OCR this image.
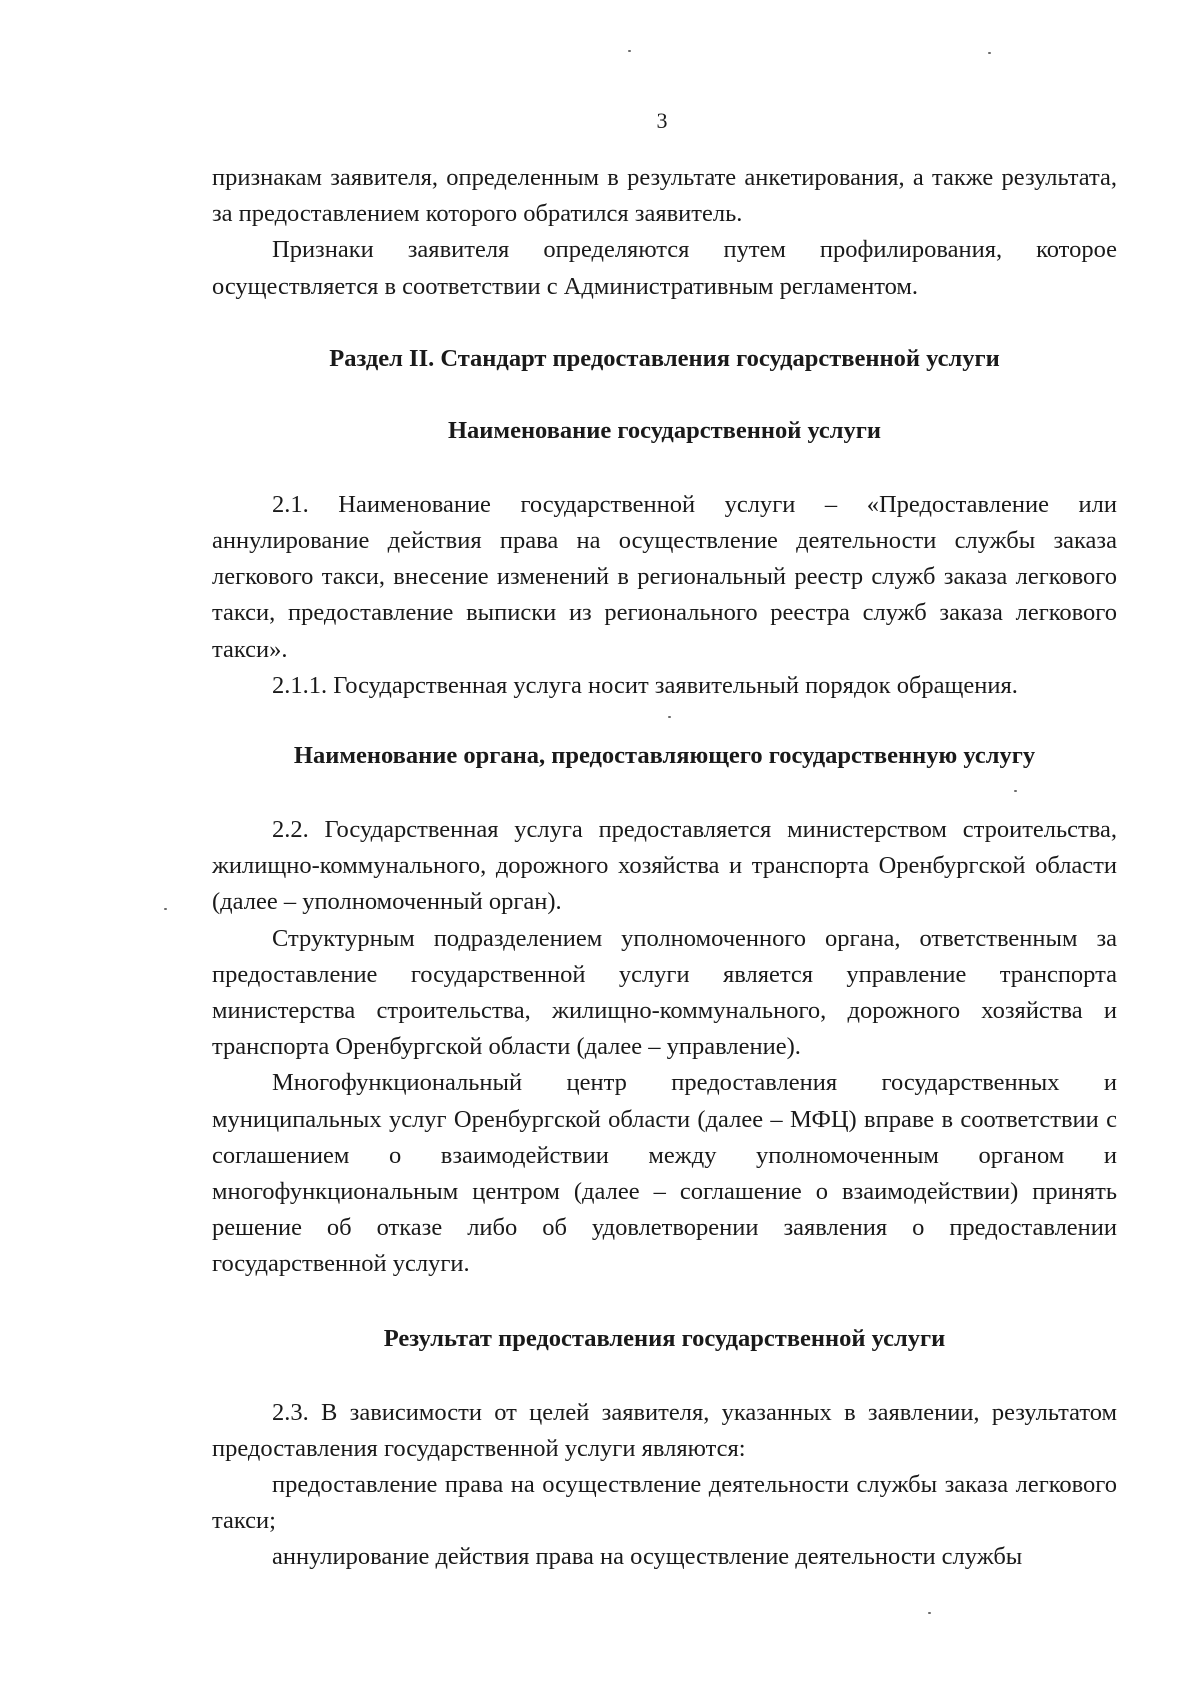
3

признакам заявителя, определенным в результате анкетирования, а также результата, за предоставлением которого обратился заявитель.

Признаки заявителя определяются путем профилирования, которое осуществляется в соответствии с Административным регламентом.

Раздел II. Стандарт предоставления государственной услуги
Наименование государственной услуги

2.1. Наименование государственной услуги – «Предоставление или аннулирование действия права на осуществление деятельности службы заказа легкового такси, внесение изменений в региональный реестр служб заказа легкового такси, предоставление выписки из регионального реестра служб заказа легкового такси».

2.1.1. Государственная услуга носит заявительный порядок обращения.

Наименование органа, предоставляющего государственную услугу

2.2. Государственная услуга предоставляется министерством строительства, жилищно-коммунального, дорожного хозяйства и транспорта Оренбургской области (далее – уполномоченный орган).

Структурным подразделением уполномоченного органа, ответственным за предоставление государственной услуги является управление транспорта министерства строительства, жилищно-коммунального, дорожного хозяйства и транспорта Оренбургской области (далее – управление).

Многофункциональный центр предоставления государственных и муниципальных услуг Оренбургской области (далее – МФЦ) вправе в соответствии с соглашением о взаимодействии между уполномоченным органом и многофункциональным центром (далее – соглашение о взаимодействии) принять решение об отказе либо об удовлетворении заявления о предоставлении государственной услуги.

Результат предоставления государственной услуги

2.3. В зависимости от целей заявителя, указанных в заявлении, результатом предоставления государственной услуги являются:

предоставление права на осуществление деятельности службы заказа легкового такси;

аннулирование действия права на осуществление деятельности службы
